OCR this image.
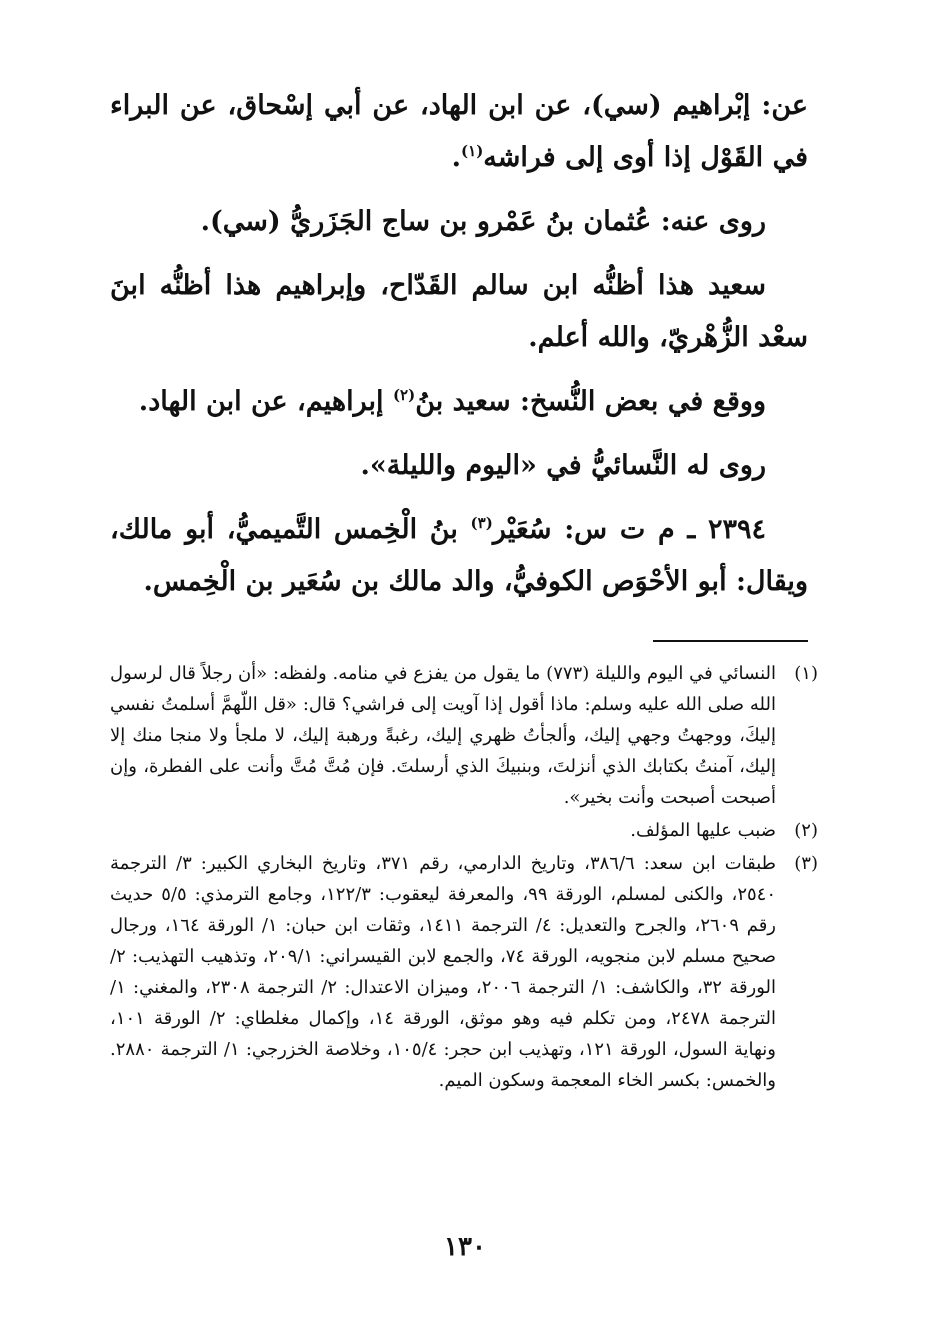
عن: إبْراهيم (سي)، عن ابن الهاد، عن أبي إسْحاق، عن البراء في القَوْل إذا أوى إلى فراشه$^{(١)}$.

روى عنه: عُثمان بنُ عَمْرو بن ساج الجَزَريُّ (سي).

سعيد هذا أظنُّه ابن سالم القَدّاح، وإبراهيم هذا أظنُّه ابنَ سعْد الزُّهْريّ، والله أعلم.

ووقع في بعض النُّسخ: سعيد بنُ$^{(٢)}$ إبراهيم، عن ابن الهاد.

روى له النَّسائيُّ في «اليوم والليلة».

٢٣٩٤ ـ م ت س: سُعَيْر$^{(٣)}$ بنُ الْخِمس التَّميميُّ، أبو مالك، ويقال: أبو الأحْوَص الكوفيُّ، والد مالك بن سُعَير بن الْخِمس.

(١)
النسائي في اليوم والليلة (٧٧٣) ما يقول من يفزع في منامه. ولفظه: «أن رجلاً قال لرسول الله صلى الله عليه وسلم: ماذا أقول إذا آويت إلى فراشي؟ قال: «قل اللّهمَّ أسلمتُ نفسي إليكَ، ووجهتُ وجهي إليك، وألجأتُ ظهري إليك، رغبةً ورهبة إليك، لا ملجأ ولا منجا منك إلا إليك، آمنتُ بكتابك الذي أنزلتَ، وبنبيكَ الذي أرسلتَ. فإن مُتَّ مُتَّ وأنت على الفطرة، وإن أصبحت أصبحت وأنت بخير».
(٢)
ضبب عليها المؤلف.
(٣)
طبقات ابن سعد: ٣٨٦/٦، وتاريخ الدارمي، رقم ٣٧١، وتاريخ البخاري الكبير: ٣/ الترجمة ٢٥٤٠، والكنى لمسلم، الورقة ٩٩، والمعرفة ليعقوب: ١٢٢/٣، وجامع الترمذي: ٥/٥ حديث رقم ٢٦٠٩، والجرح والتعديل: ٤/ الترجمة ١٤١١، وثقات ابن حبان: ١/ الورقة ١٦٤، ورجال صحيح مسلم لابن منجويه، الورقة ٧٤، والجمع لابن القيسراني: ٢٠٩/١، وتذهيب التهذيب: ٢/ الورقة ٣٢، والكاشف: ١/ الترجمة ٢٠٠٦، وميزان الاعتدال: ٢/ الترجمة ٢٣٠٨، والمغني: ١/ الترجمة ٢٤٧٨، ومن تكلم فيه وهو موثق، الورقة ١٤، وإكمال مغلطاي: ٢/ الورقة ١٠١، ونهاية السول، الورقة ١٢١، وتهذيب ابن حجر: ١٠٥/٤، وخلاصة الخزرجي: ١/ الترجمة ٢٨٨٠. والخمس: بكسر الخاء المعجمة وسكون الميم.
١٣٠
